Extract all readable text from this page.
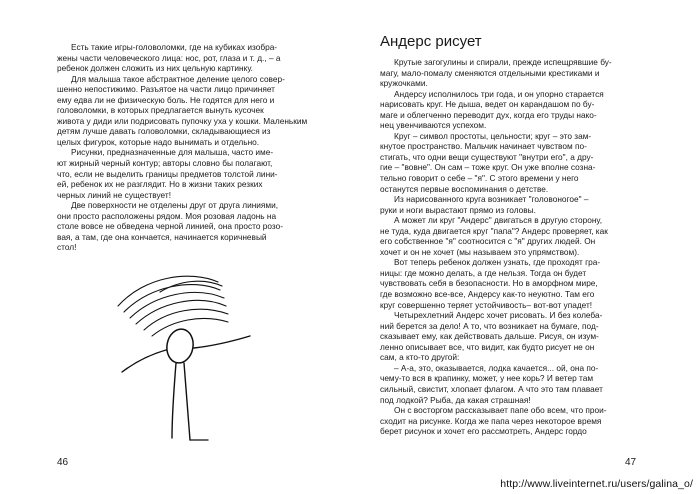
Есть такие игры-головоломки, где на кубиках изобра-
жены части человеческого лица: нос, рот, глаза и т. д., – а
ребенок должен сложить из них цельную картинку.

Для малыша такое абстрактное деление целого совер-
шенно непостижимо. Разъятое на части лицо причиняет
ему едва ли не физическую боль. Не годятся для него и
головоломки, в которых предлагается вынуть кусочек
живота у диди или подрисовать пупочку уха у кошки. Маленьким
детям лучше давать головоломки, складывающиеся из
целых фигурок, которые надо вынимать и отдельно.

Рисунки, предназначенные для малыша, часто име-
ют жирный черный контур; авторы словно бы полагают,
что, если не выделить границы предметов толстой лини-
ей, ребенок их не разглядит. Но в жизни таких резких
черных линий не существует!

Две поверхности не отделены друг от друга линиями,
они просто расположены рядом. Моя розовая ладонь на
столе вовсе не обведена черной линией, она просто розо-
вая, а там, где она кончается, начинается коричневый
стол!

46
Андерс рисует

Крутые загогулины и спирали, прежде испещрявшие бу-
магу, мало-помалу сменяются отдельными крестиками и
кружочками.

Андерсу исполнилось три года, и он упорно старается
нарисовать круг. Не дыша, ведет он карандашом по бу-
маге и облегченно переводит дух, когда его труды нако-
нец увенчиваются успехом.

Круг – символ простоты, цельности; круг – это зам-
кнутое пространство. Мальчик начинает чувством по-
стигать, что одни вещи существуют "внутри его", а дру-
гие – "вовне". Он сам – тоже круг. Он уже вполне созна-
тельно говорит о себе – "я". С этого времени у него
останутся первые воспоминания о детстве.

Из нарисованного круга возникает "головоногое" –
руки и ноги вырастают прямо из головы.

А может ли круг "Андерс" двигаться в другую сторону,
не туда, куда двигается круг "папа"? Андерс проверяет, как
его собственное "я" соотносится с "я" других людей. Он
хочет и он не хочет (мы называем это упрямством).

Вот теперь ребенок должен узнать, где проходят гра-
ницы: где можно делать, а где нельзя. Тогда он будет
чувствовать себя в безопасности. Но в аморфном мире,
где возможно все-все, Андерсу как-то неуютно. Там его
круг совершенно теряет устойчивость– вот-вот упадет!

Четырехлетний Андерс хочет рисовать. И без колеба-
ний берется за дело! А то, что возникает на бумаге, под-
сказывает ему, как действовать дальше. Рисуя, он изум-
ленно описывает все, что видит, как будто рисует не он
сам, а кто-то другой:

– А-а, это, оказывается, лодка качается... ой, она по-
чему-то вся в крапинку, может, у нее корь? И ветер там
сильный, свистит, хлопает флагом. А что это там плавает
под лодкой? Рыба, да какая страшная!

Он с восторгом рассказывает папе обо всем, что прои-
сходит на рисунке. Когда же папа через некоторое время
берет рисунок и хочет его рассмотреть, Андерс гордо

47
http://www.liveinternet.ru/users/galina_o/
